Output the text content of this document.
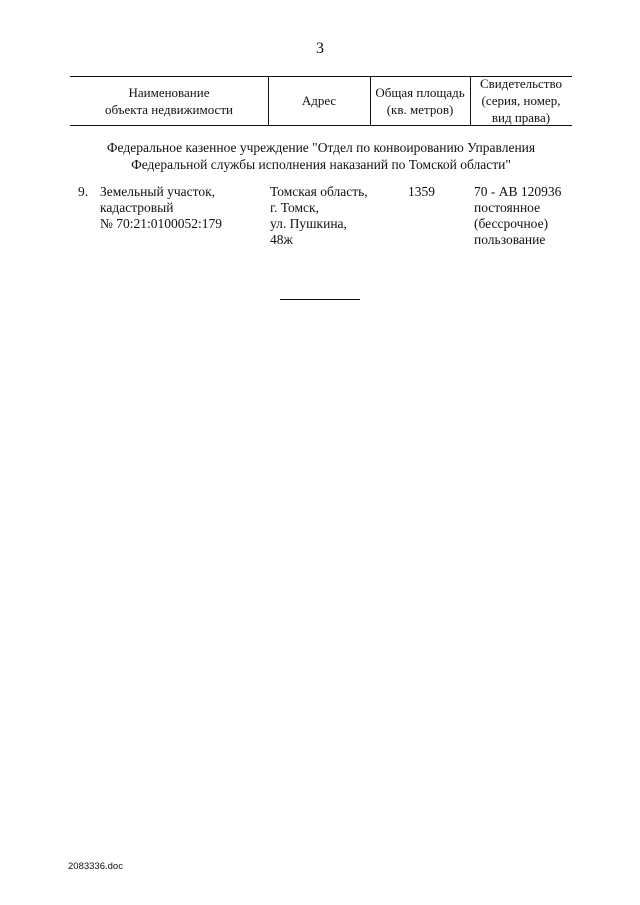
3
Наименование
объекта недвижимости
Адрес
Общая площадь
(кв. метров)
Свидетельство
(серия, номер,
вид права)
Федеральное казенное учреждение "Отдел по конвоированию Управления
Федеральной службы исполнения наказаний по Томской области"
9. Земельный участок,
кадастровый
№ 70:21:0100052:179
Томская область,
г. Томск,
ул. Пушкина,
48ж
1359	70 - АВ 120936
постоянное
(бессрочное)
пользование
2083336.doc
